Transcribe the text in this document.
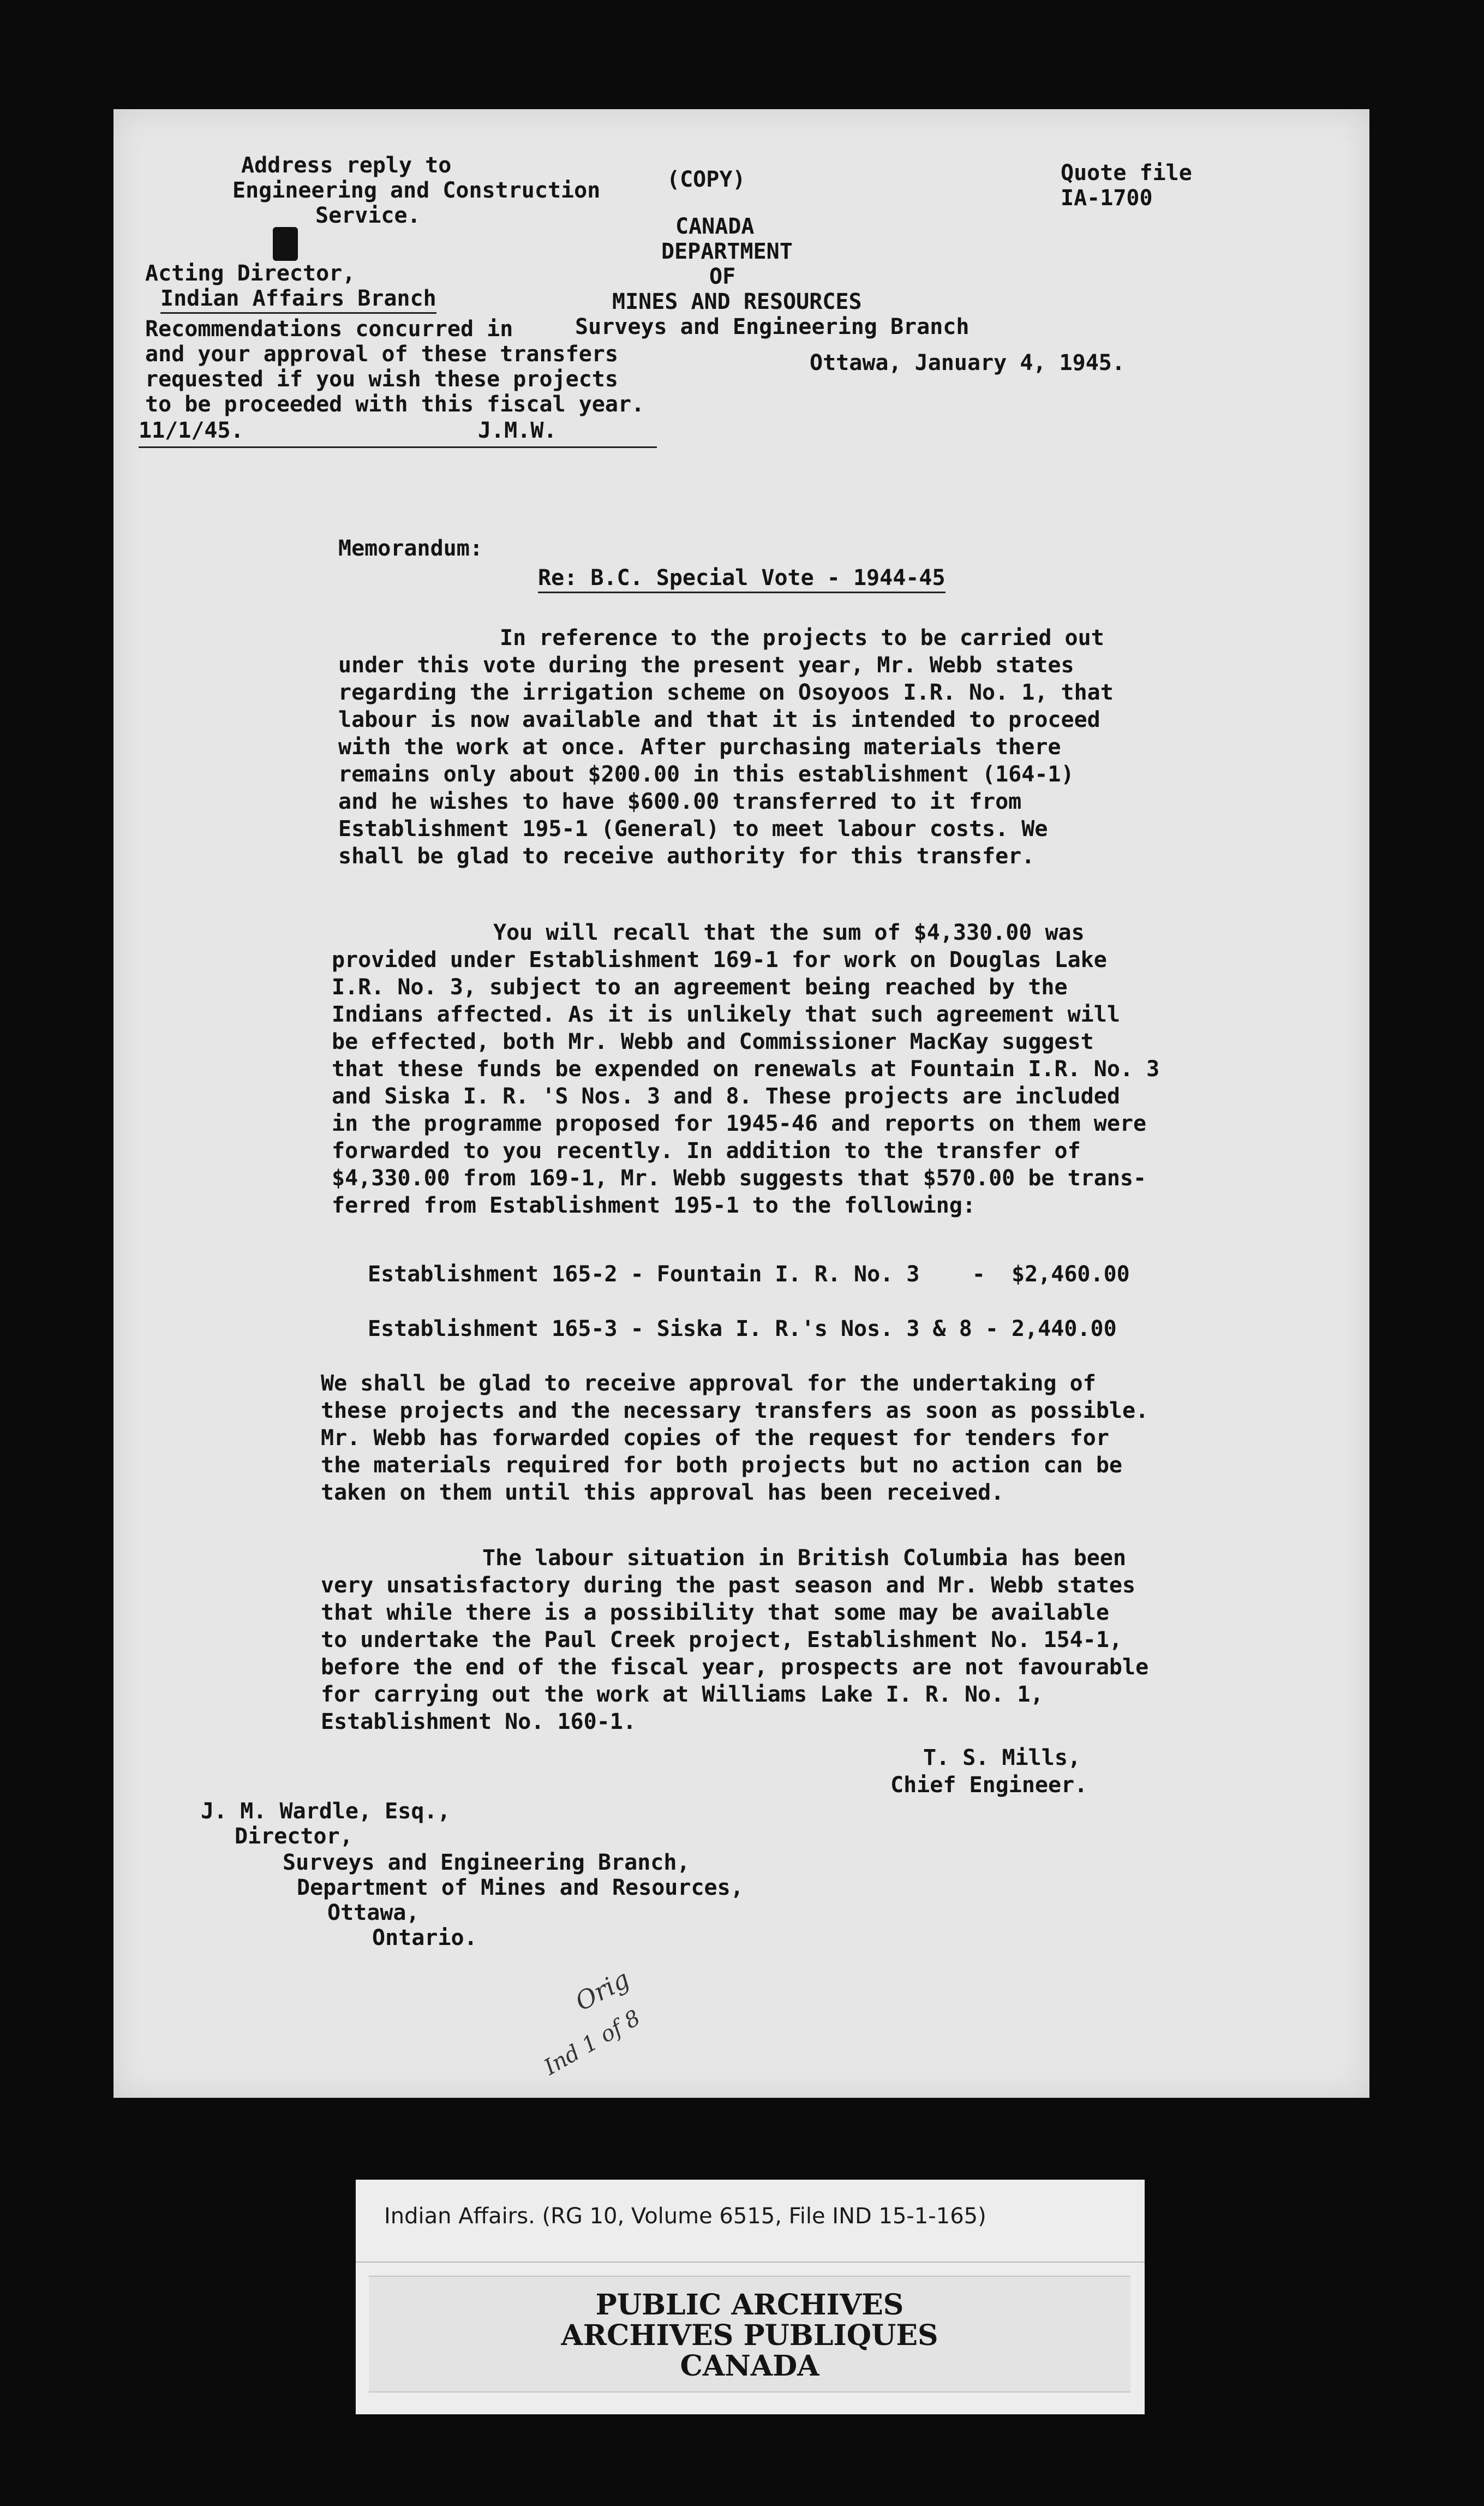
Address reply to
Engineering and Construction
Service.
(COPY)
CANADA
DEPARTMENT
OF
MINES AND RESOURCES
Surveys and Engineering Branch
Quote file
IA-1700
Acting Director,
Indian Affairs Branch
Recommendations concurred in
and your approval of these transfers
requested if you wish these projects
to be proceeded with this fiscal year.
11/1/45.	J.M.W.
Ottawa, January 4, 1945.
Memorandum:
Re: B.C. Special Vote - 1944-45
In reference to the projects to be carried out
under this vote during the present year, Mr. Webb states
regarding the irrigation scheme on Osoyoos I.R. No. 1, that
labour is now available and that it is intended to proceed
with the work at once. After purchasing materials there
remains only about $200.00 in this establishment (164-1)
and he wishes to have $600.00 transferred to it from
Establishment 195-1 (General) to meet labour costs. We
shall be glad to receive authority for this transfer.
You will recall that the sum of $4,330.00 was
provided under Establishment 169-1 for work on Douglas Lake
I.R. No. 3, subject to an agreement being reached by the
Indians affected. As it is unlikely that such agreement will
be effected, both Mr. Webb and Commissioner MacKay suggest
that these funds be expended on renewals at Fountain I.R. No. 3
and Siska I. R. 'S Nos. 3 and 8. These projects are included
in the programme proposed for 1945-46 and reports on them were
forwarded to you recently. In addition to the transfer of
$4,330.00 from 169-1, Mr. Webb suggests that $570.00 be trans-
ferred from Establishment 195-1 to the following:
Establishment 165-2 - Fountain I. R. No. 3    -  $2,460.00
Establishment 165-3 - Siska I. R.'s Nos. 3 & 8 - 2,440.00
We shall be glad to receive approval for the undertaking of
these projects and the necessary transfers as soon as possible.
Mr. Webb has forwarded copies of the request for tenders for
the materials required for both projects but no action can be
taken on them until this approval has been received.
The labour situation in British Columbia has been
very unsatisfactory during the past season and Mr. Webb states
that while there is a possibility that some may be available
to undertake the Paul Creek project, Establishment No. 154-1,
before the end of the fiscal year, prospects are not favourable
for carrying out the work at Williams Lake I. R. No. 1,
Establishment No. 160-1.
T. S. Mills,
Chief Engineer.
J. M. Wardle, Esq.,
Director,
Surveys and Engineering Branch,
Department of Mines and Resources,
Ottawa,
Ontario.
Orig
Ind 1 of 8
Indian Affairs. (RG 10, Volume 6515, File IND 15-1-165)
PUBLIC ARCHIVES
ARCHIVES PUBLIQUES
CANADA
